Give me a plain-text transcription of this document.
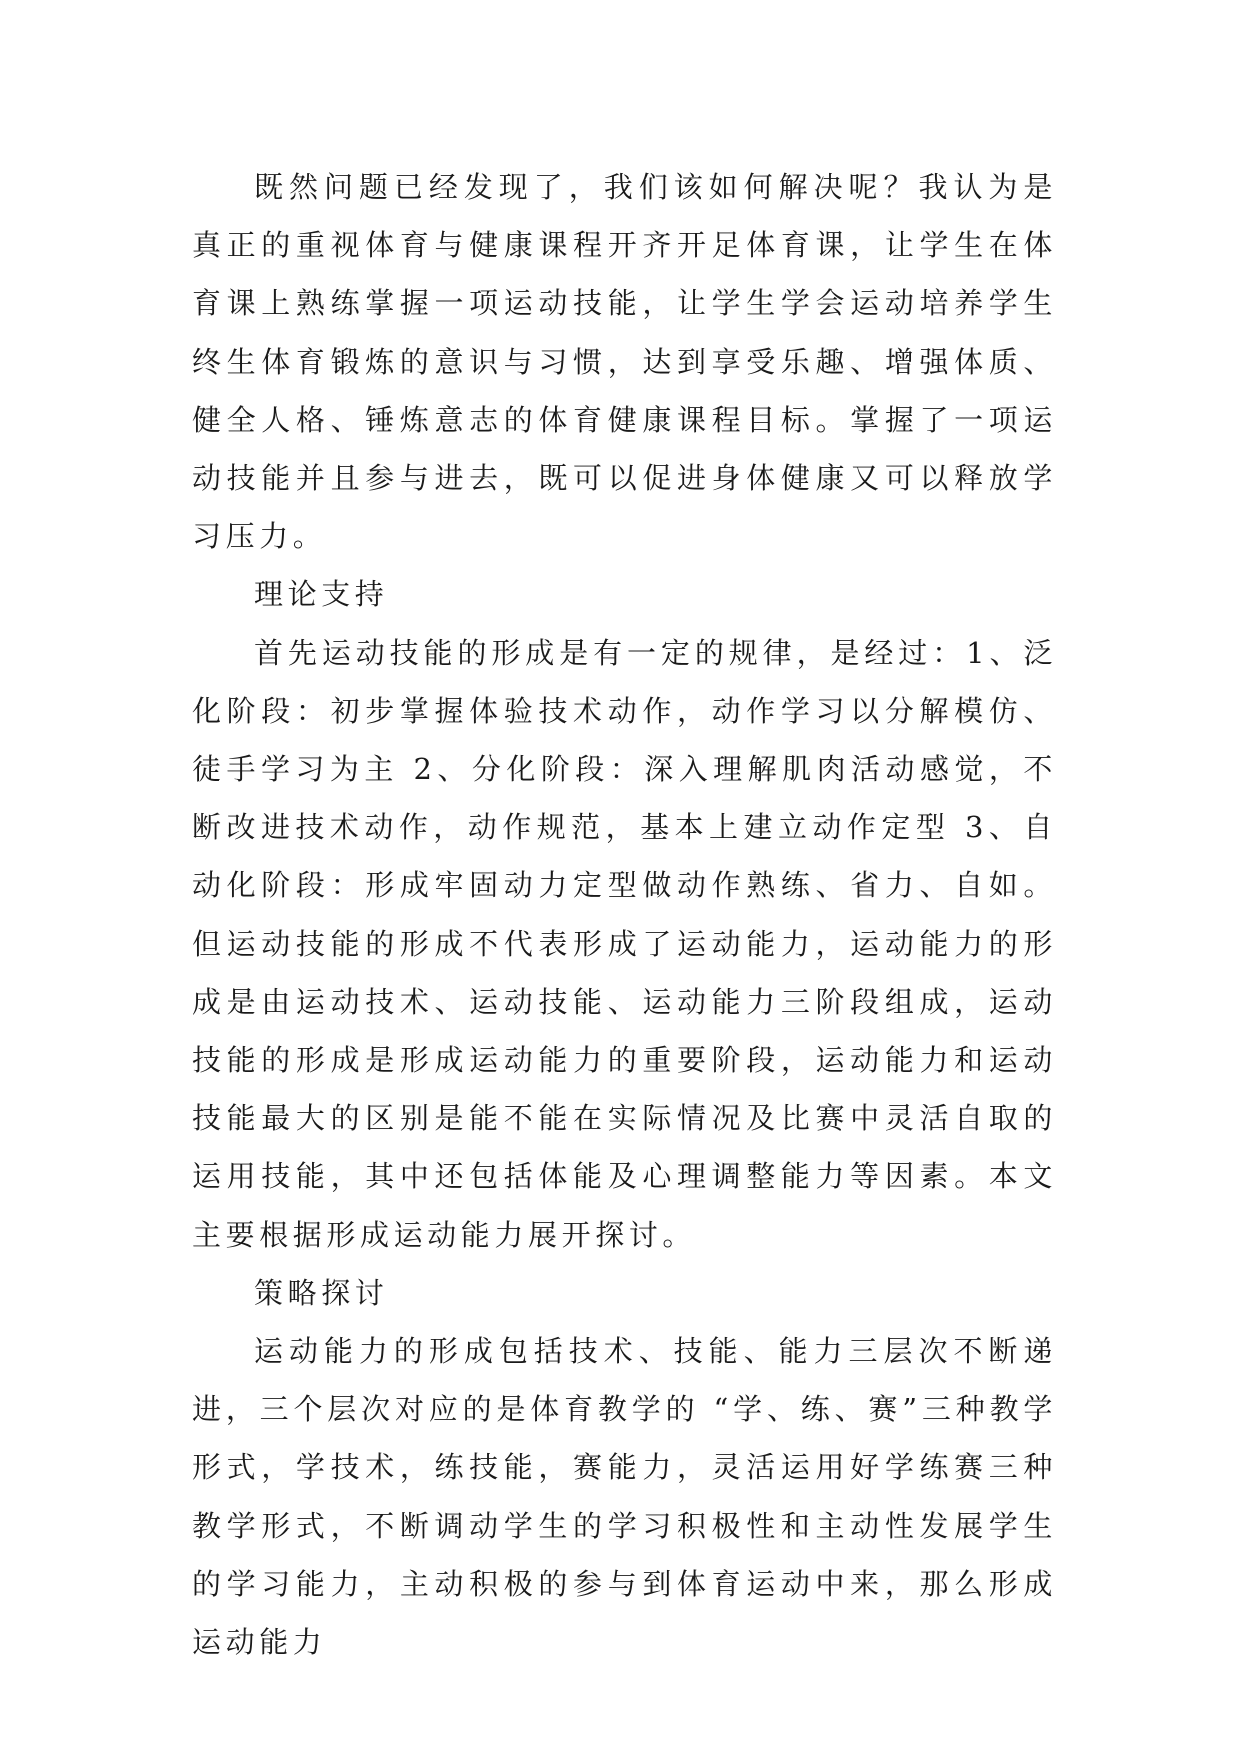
既然问题已经发现了，我们该如何解决呢？我认为是真正的重视体育与健康课程开齐开足体育课，让学生在体育课上熟练掌握一项运动技能，让学生学会运动培养学生终生体育锻炼的意识与习惯，达到享受乐趣、增强体质、健全人格、锤炼意志的体育健康课程目标。掌握了一项运动技能并且参与进去，既可以促进身体健康又可以释放学习压力。

理论支持

首先运动技能的形成是有一定的规律，是经过：1、泛化阶段：初步掌握体验技术动作，动作学习以分解模仿、徒手学习为主 2、分化阶段：深入理解肌肉活动感觉，不断改进技术动作，动作规范，基本上建立动作定型 3、自动化阶段：形成牢固动力定型做动作熟练、省力、自如。但运动技能的形成不代表形成了运动能力，运动能力的形成是由运动技术、运动技能、运动能力三阶段组成，运动技能的形成是形成运动能力的重要阶段，运动能力和运动技能最大的区别是能不能在实际情况及比赛中灵活自取的运用技能，其中还包括体能及心理调整能力等因素。本文主要根据形成运动能力展开探讨。

策略探讨

运动能力的形成包括技术、技能、能力三层次不断递进，三个层次对应的是体育教学的 “学、练、赛”三种教学形式，学技术，练技能，赛能力，灵活运用好学练赛三种教学形式，不断调动学生的学习积极性和主动性发展学生的学习能力，主动积极的参与到体育运动中来，那么形成运动能力
